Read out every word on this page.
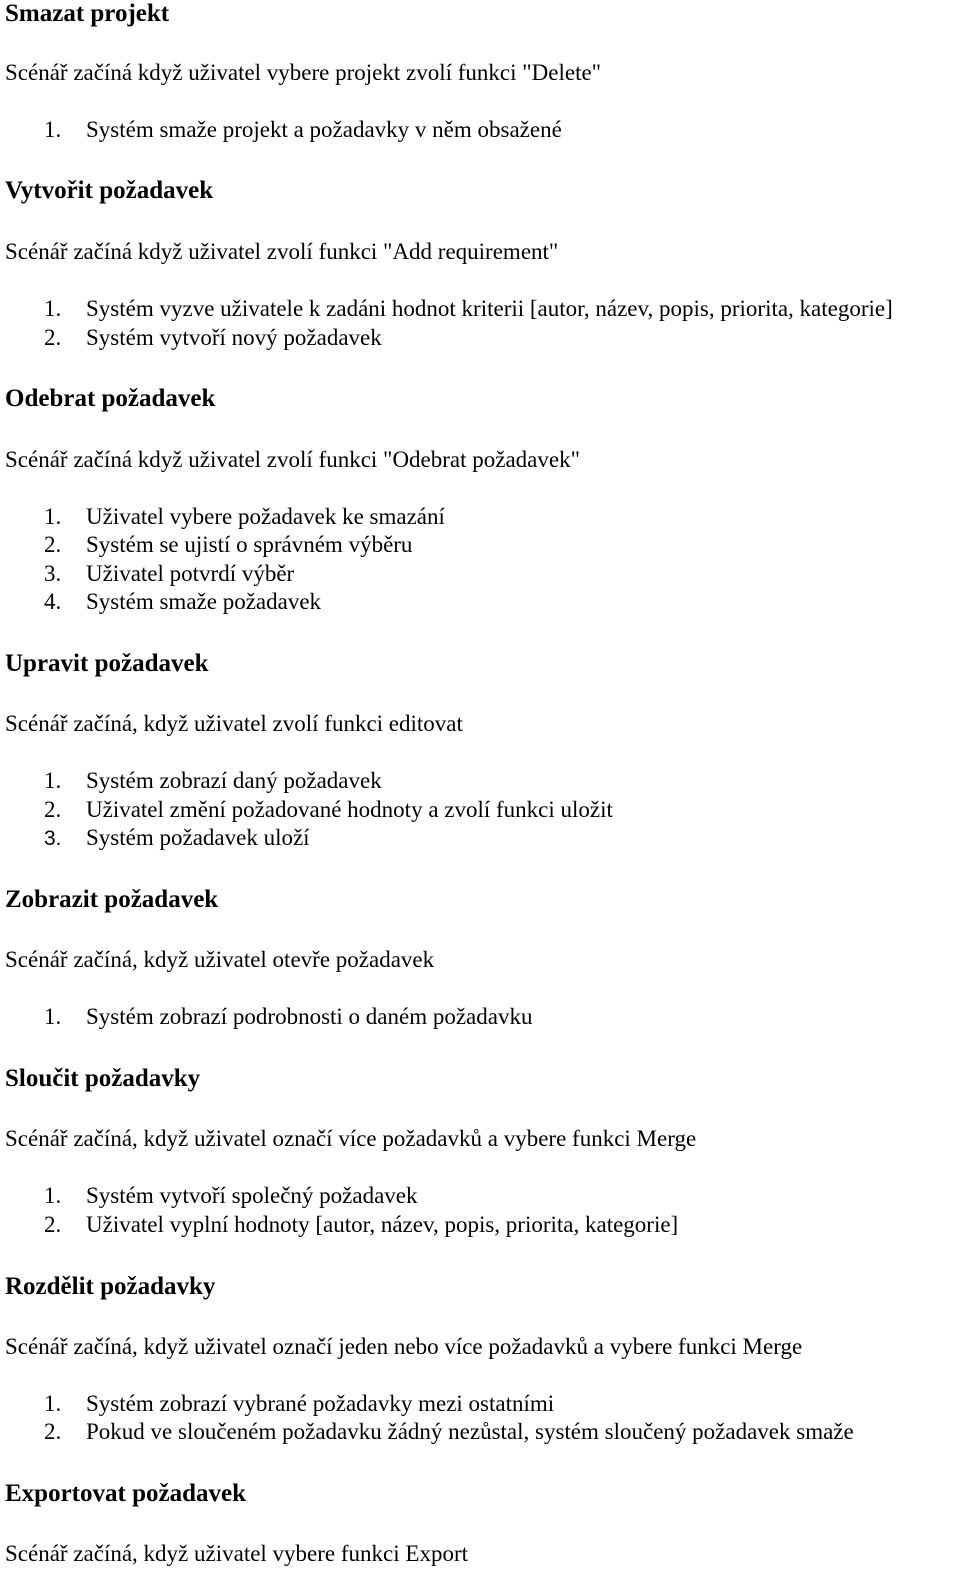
Smazat projekt
Scénář začíná když uživatel vybere projekt zvolí funkci "Delete"
1. Systém smaže projekt a požadavky v něm obsažené
Vytvořit požadavek
Scénář začíná když uživatel zvolí funkci "Add requirement"
1. Systém vyzve uživatele k zadáni hodnot kriterii [autor, název, popis, priorita, kategorie]
2. Systém vytvoří nový požadavek
Odebrat požadavek
Scénář začíná když uživatel zvolí funkci "Odebrat požadavek"
1. Uživatel vybere požadavek ke smazání
2. Systém se ujistí o správném výběru
3. Uživatel potvrdí výběr
4. Systém smaže požadavek
Upravit požadavek
Scénář začíná, když uživatel zvolí funkci editovat
1. Systém zobrazí daný požadavek
2. Uživatel změní požadované hodnoty a zvolí funkci uložit
3. Systém požadavek uloží
Zobrazit požadavek
Scénář začíná, když uživatel otevře požadavek
1. Systém zobrazí podrobnosti o daném požadavku
Sloučit požadavky
Scénář začíná, když uživatel označí více požadavků a vybere funkci Merge
1. Systém vytvoří společný požadavek
2. Uživatel vyplní hodnoty [autor, název, popis, priorita, kategorie]
Rozdělit požadavky
Scénář začíná, když uživatel označí jeden nebo více požadavků a vybere funkci Merge
1. Systém zobrazí vybrané požadavky mezi ostatními
2. Pokud ve sloučeném požadavku žádný nezůstal, systém sloučený požadavek smaže
Exportovat požadavek
Scénář začíná, když uživatel vybere funkci Export
